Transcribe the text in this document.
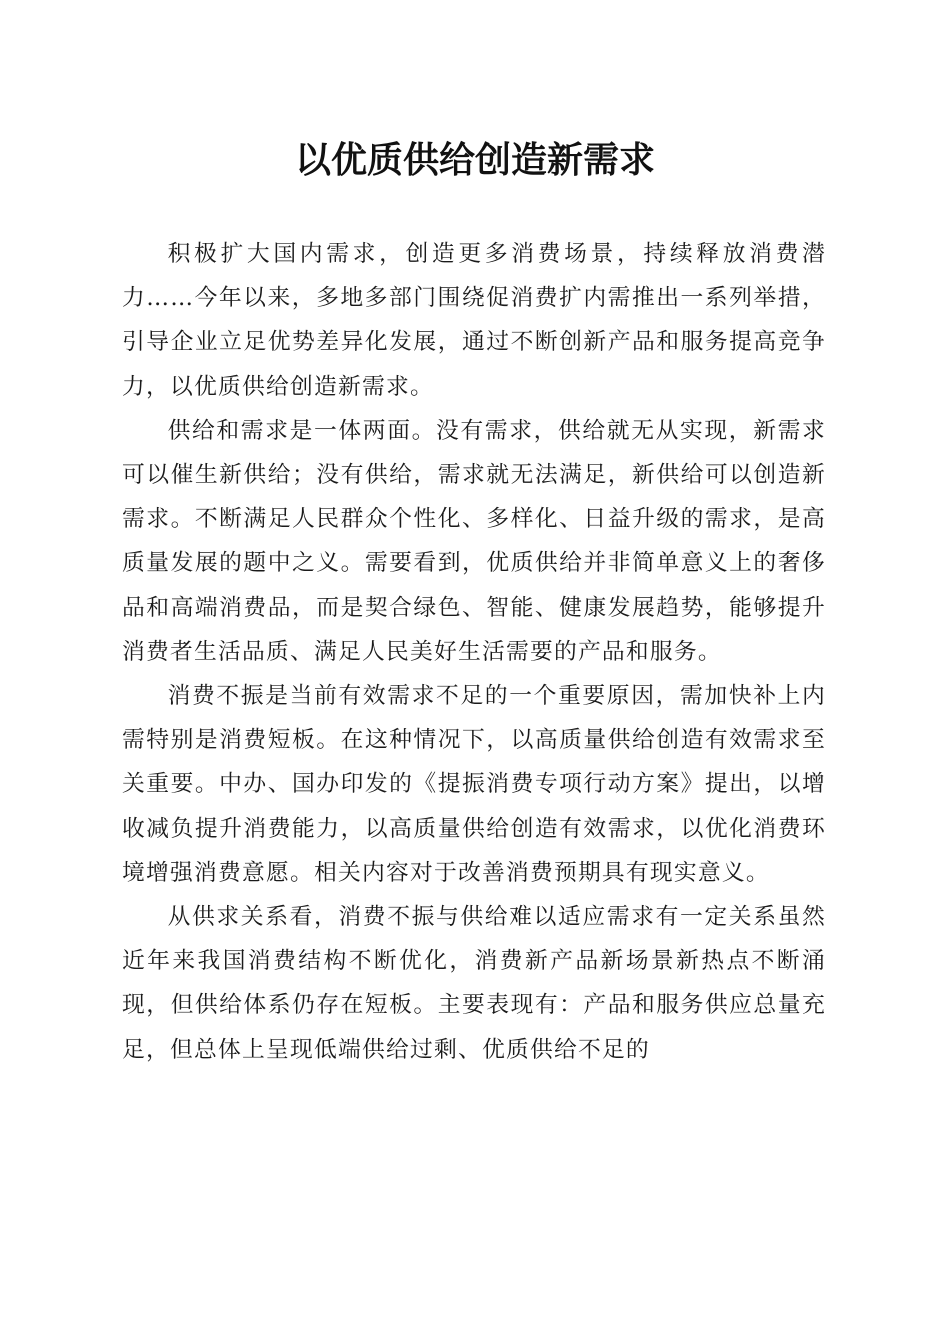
以优质供给创造新需求

积极扩大国内需求，创造更多消费场景，持续释放消费潜力……今年以来，多地多部门围绕促消费扩内需推出一系列举措，引导企业立足优势差异化发展，通过不断创新产品和服务提高竞争力，以优质供给创造新需求。

供给和需求是一体两面。没有需求，供给就无从实现，新需求可以催生新供给；没有供给，需求就无法满足，新供给可以创造新需求。不断满足人民群众个性化、多样化、日益升级的需求，是高质量发展的题中之义。需要看到，优质供给并非简单意义上的奢侈品和高端消费品，而是契合绿色、智能、健康发展趋势，能够提升消费者生活品质、满足人民美好生活需要的产品和服务。

消费不振是当前有效需求不足的一个重要原因，需加快补上内需特别是消费短板。在这种情况下，以高质量供给创造有效需求至关重要。中办、国办印发的《提振消费专项行动方案》提出，以增收减负提升消费能力，以高质量供给创造有效需求，以优化消费环境增强消费意愿。相关内容对于改善消费预期具有现实意义。

从供求关系看，消费不振与供给难以适应需求有一定关系虽然近年来我国消费结构不断优化，消费新产品新场景新热点不断涌现，但供给体系仍存在短板。主要表现有：产品和服务供应总量充足，但总体上呈现低端供给过剩、优质供给不足的
